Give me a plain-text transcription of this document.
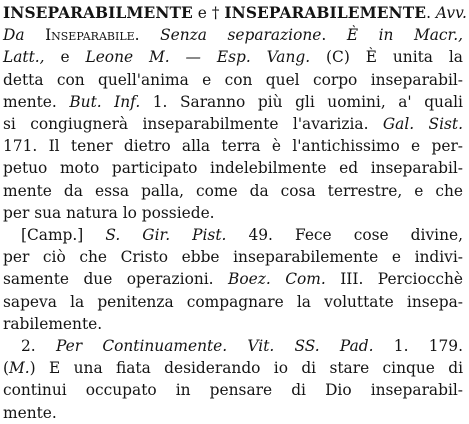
INSEPARABILMENTE e † INSEPARABILEMENTE. Avv.
Da Inseparabile. Senza separazione. È in Macr.,
Latt., e Leone M. — Esp. Vang. (C) È unita la
detta con quell'anima e con quel corpo inseparabil-
mente. But. Inf. 1. Saranno più gli uomini, a' quali
si congiugnerà inseparabilmente l'avarizia. Gal. Sist.
171. Il tener dietro alla terra è l'antichissimo e per-
petuo moto participato indelebilmente ed inseparabil-
mente da essa palla, come da cosa terrestre, e che
per sua natura lo possiede.
[Camp.] S. Gir. Pist. 49. Fece cose divine,
per ciò che Cristo ebbe inseparabilemente e indivi-
samente due operazioni. Boez. Com. III. Perciocchè
sapeva la penitenza compagnare la voluttate insepa-
rabilemente.
2. Per Continuamente. Vit. SS. Pad. 1. 179.
(M.) E una fiata desiderando io di stare cinque di
continui occupato in pensare di Dio inseparabil-
mente.
